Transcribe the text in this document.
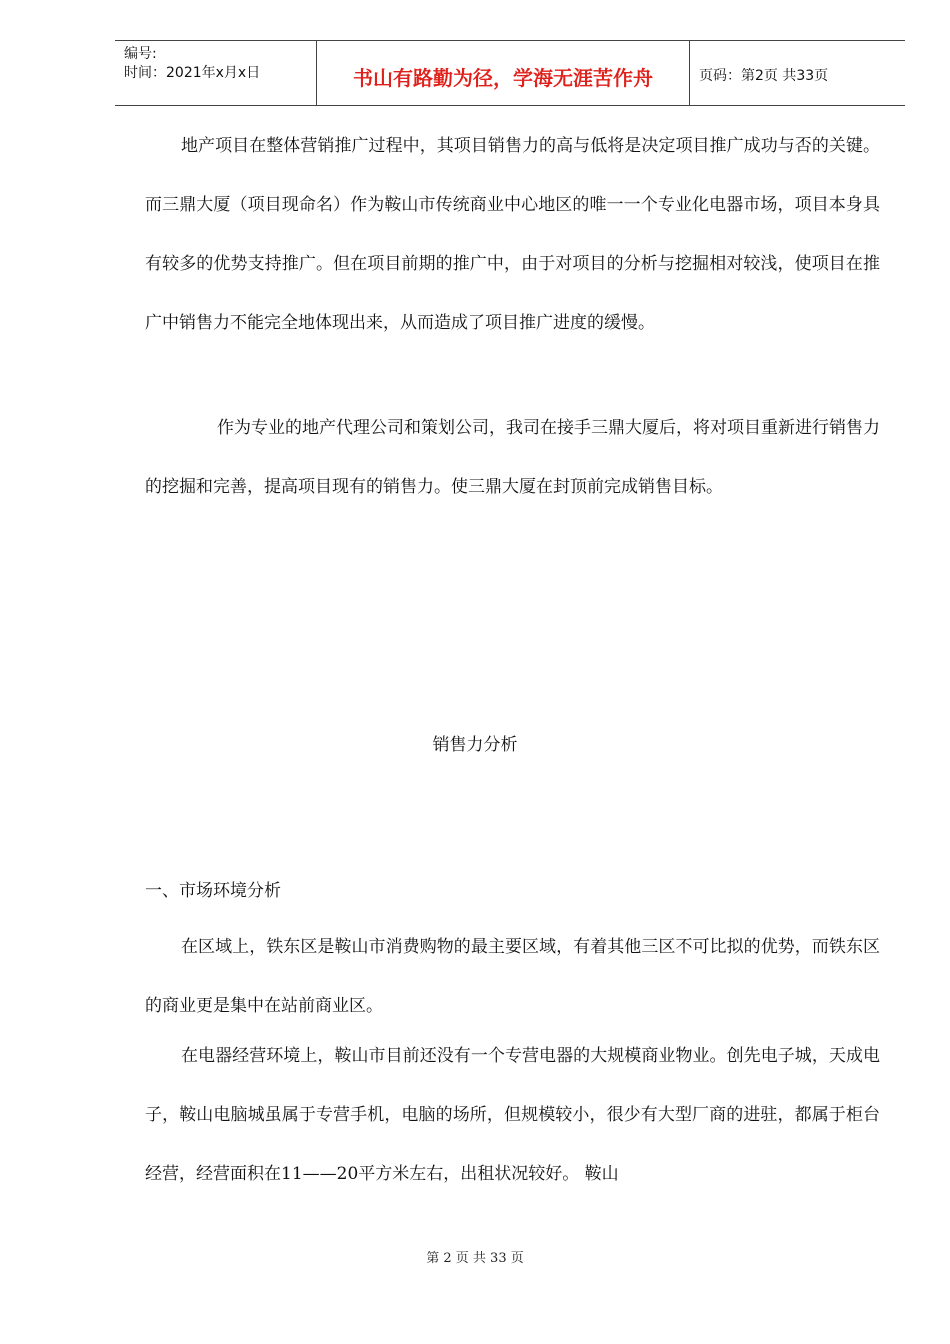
编号:
时间：2021年x月x日	书山有路勤为径，学海无涯苦作舟	页码：第2页 共33页
地产项目在整体营销推广过程中，其项目销售力的高与低将是决定项目推广成功与否的关键。而三鼎大厦（项目现命名）作为鞍山市传统商业中心地区的唯一一个专业化电器市场，项目本身具有较多的优势支持推广。但在项目前期的推广中，由于对项目的分析与挖掘相对较浅，使项目在推广中销售力不能完全地体现出来，从而造成了项目推广进度的缓慢。
作为专业的地产代理公司和策划公司，我司在接手三鼎大厦后，将对项目重新进行销售力的挖掘和完善，提高项目现有的销售力。使三鼎大厦在封顶前完成销售目标。
销售力分析
一、市场环境分析
在区域上，铁东区是鞍山市消费购物的最主要区域，有着其他三区不可比拟的优势，而铁东区的商业更是集中在站前商业区。
在电器经营环境上，鞍山市目前还没有一个专营电器的大规模商业物业。创先电子城，天成电子，鞍山电脑城虽属于专营手机，电脑的场所，但规模较小，很少有大型厂商的进驻，都属于柜台经营，经营面积在11——20平方米左右，出租状况较好。 鞍山
第 2 页 共 33 页
